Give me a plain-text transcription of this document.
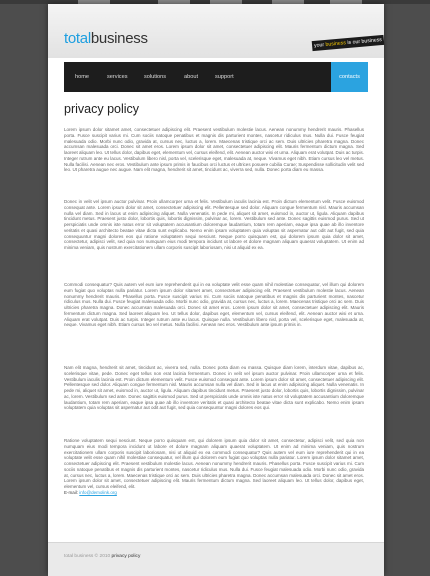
totalbusiness	your business is our business
home	services	solutions	about	support	contacts
privacy policy

Lorem ipsum dolor sitamet amet, consectetuer adipiscing elit. Praesent vestibulum molestie lacus. Aenean nonummy hendrerit mauris. Phasellus porta. Fusce suscipit varius mi. Cum sociis natoque penatibus et magnis dis parturient montes, nascetur ridiculus mus. Nulla dui. Fusce feugiat malesuada odio. Morbi nunc odio, gravida at, cursus nec, luctus a, lorem. Maecenas tristique orci ac sem. Duis ultricies pharetra magna. Donec accumsan malesuada orci. Donec sit amet eros. Lorem ipsum dolor sit amet, consectetuer adipiscing elit. Mauris fermentum dictum magna. Sed laoreet aliquam leo. Ut tellus dolor, dapibus eget, elementum vel, cursus eleifend, elit. Aenean auctor wisi et urna. Aliquam erat volutpat. Duis ac turpis. Integer rutrum ante eu lacus. Vestibulum libero nisl, porta vel, scelerisque eget, malesuada at, neque. Vivamus eget nibh. Etiam cursus leo vel metus. Nulla facilisi. Aenean nec eros. Vestibulum ante ipsum primis in faucibus orci luctus et ultrices posuere cubilia Curae; Suspendisse sollicitudin velit sed leo. Ut pharetra augue nec augue. Nam elit magna, hendrerit sit amet, tincidunt ac, viverra sed, nulla. Donec porta diam eu massa.

Donec in velit vel ipsum auctor pulvinar. Proin ullamcorper urna et felis. Vestibulum iaculis lacinia est. Proin dictum elementum velit. Fusce euismod consequat ante. Lorem ipsum dolor sit amet, consectetuer adipiscing elit. Pellentesque sed dolor. Aliquam congue fermentum nisl. Mauris accumsan nulla vel diam. Sed in lacus ut enim adipiscing aliquet. Nulla venenatis. In pede mi, aliquet sit amet, euismod in, auctor ut, ligula. Aliquam dapibus tincidunt metus. Praesent justo dolor, lobortis quis, lobortis dignissim, pulvinar ac, lorem. Vestibulum sed ante. Donec sagittis euismod purus. Sed ut perspiciatis unde omnis iste natus error sit voluptatem accusantium doloremque laudantium, totam rem aperiam, eaque ipsa quae ab illo inventore veritatis et quasi architecto beatae vitae dicta sunt explicabo. Nemo enim ipsam voluptatem quia voluptas sit aspernatur aut odit aut fugit, sed quia consequuntur magni dolores eos qui ratione voluptatem sequi nesciunt. Neque porro quisquam est, qui dolorem ipsum quia dolor sit amet, consectetur, adipisci velit, sed quia non numquam eius modi tempora incidunt ut labore et dolore magnam aliquam quaerat voluptatem. Ut enim ad minima veniam, quis nostrum exercitationem ullam corporis suscipit laboriosam, nisi ut aliquid ex ea.

Commodi consequatur? Quis autem vel eum iure reprehenderit qui in ea voluptate velit esse quam nihil molestiae consequatur, vel illum qui dolorem eum fugiat quo voluptas nulla pariatur. Lorem ipsum dolor sitamet amet, consectetuer adipiscing elit. Praesent vestibulum molestie lacus. Aenean nonummy hendrerit mauris. Phasellus porta. Fusce suscipit varius mi. Cum sociis natoque penatibus et magnis dis parturient montes, nascetur ridiculus mus. Nulla dui. Fusce feugiat malesuada odio. Morbi nunc odio, gravida at, cursus nec, luctus a, lorem. Maecenas tristique orci ac sem. Duis ultricies pharetra magna. Donec accumsan malesuada orci. Donec sit amet eros. Lorem ipsum dolor sit amet, consectetuer adipiscing elit. Mauris fermentum dictum magna. Sed laoreet aliquam leo. Ut tellus dolor, dapibus eget, elementum vel, cursus eleifend, elit. Aenean auctor wisi et urna. Aliquam erat volutpat. Duis ac turpis. Integer rutrum ante eu lacus. Quisque nulla. Vestibulum libero nisl, porta vel, scelerisque eget, malesuada at, neque. Vivamus eget nibh. Etiam cursus leo vel metus. Nulla facilisi. Aenean nec eros. Vestibulum ante ipsum primis in.

Nam elit magna, hendrerit sit amet, tincidunt ac, viverra sed, nulla. Donec porta diam eu massa. Quisque diam lorem, interdum vitae, dapibus ac, scelerisque vitae, pede. Donec eget tellus non erat lacinia fermentum. Donec in velit vel ipsum auctor pulvinar. Proin ullamcorper urna et felis. Vestibulum iaculis lacinia est. Proin dictum elementum velit. Fusce euismod consequat ante. Lorem ipsum dolor sit amet, consectetuer adipiscing elit. Pellentesque sed dolor. Aliquam congue fermentum nisl. Mauris accumsan nulla vel diam. Sed in lacus ut enim adipiscing aliquet. Nulla venenatis. In pede mi, aliquet sit amet, euismod in, auctor ut, ligula. Aliquam dapibus tincidunt metus. Praesent justo dolor, lobortis quis, lobortis dignissim, pulvinar ac, lorem. Vestibulum sed ante. Donec sagittis euismod purus. Sed ut perspiciatis unde omnis iste natus error sit voluptatem accusantium doloremque laudantium, totam rem aperiam, eaque ipsa quae ab illo inventore veritatis et quasi architecto beatae vitae dicta sunt explicabo. Nemo enim ipsam voluptatem quia voluptas sit aspernatur aut odit aut fugit, sed quia consequuntur magni dolores eos qui.

Ratione voluptatem sequi nesciunt. Neque porro quisquam est, qui dolorem ipsum quia dolor sit amet, consectetur, adipisci velit, sed quia non numquam eius modi tempora incidunt ut labore et dolore magnam aliquam quaerat voluptatem. Ut enim ad minima veniam, quis nostrum exercitationem ullam corporis suscipit laboriosam, nisi ut aliquid ex ea commodi consequatur? Quis autem vel eum iure reprehenderit qui in ea voluptate velit esse quam nihil molestiae consequatur, vel illum qui dolorem eum fugiat quo voluptas nulla pariatur. Lorem ipsum dolor sitamet amet, consectetuer adipiscing elit. Praesent vestibulum molestie lacus. Aenean nonummy hendrerit mauris. Phasellus porta. Fusce suscipit varius mi. Cum sociis natoque penatibus et magnis dis parturient montes, nascetur ridiculus mus. Nulla dui. Fusce feugiat malesuada odio. Morbi nunc odio, gravida at, cursus nec, luctus a, lorem. Maecenas tristique orci ac sem. Duis ultricies pharetra magna. Donec accumsan malesuada orci. Donec sit amet eros. Lorem ipsum dolor sit amet, consectetuer adipiscing elit. Mauris fermentum dictum magna. Sed laoreet aliquam leo. Ut tellus dolor, dapibus eget, elementum vel, cursus eleifend, elit.

E-mail: info@demolink.org
total business © 2010 privacy policy
